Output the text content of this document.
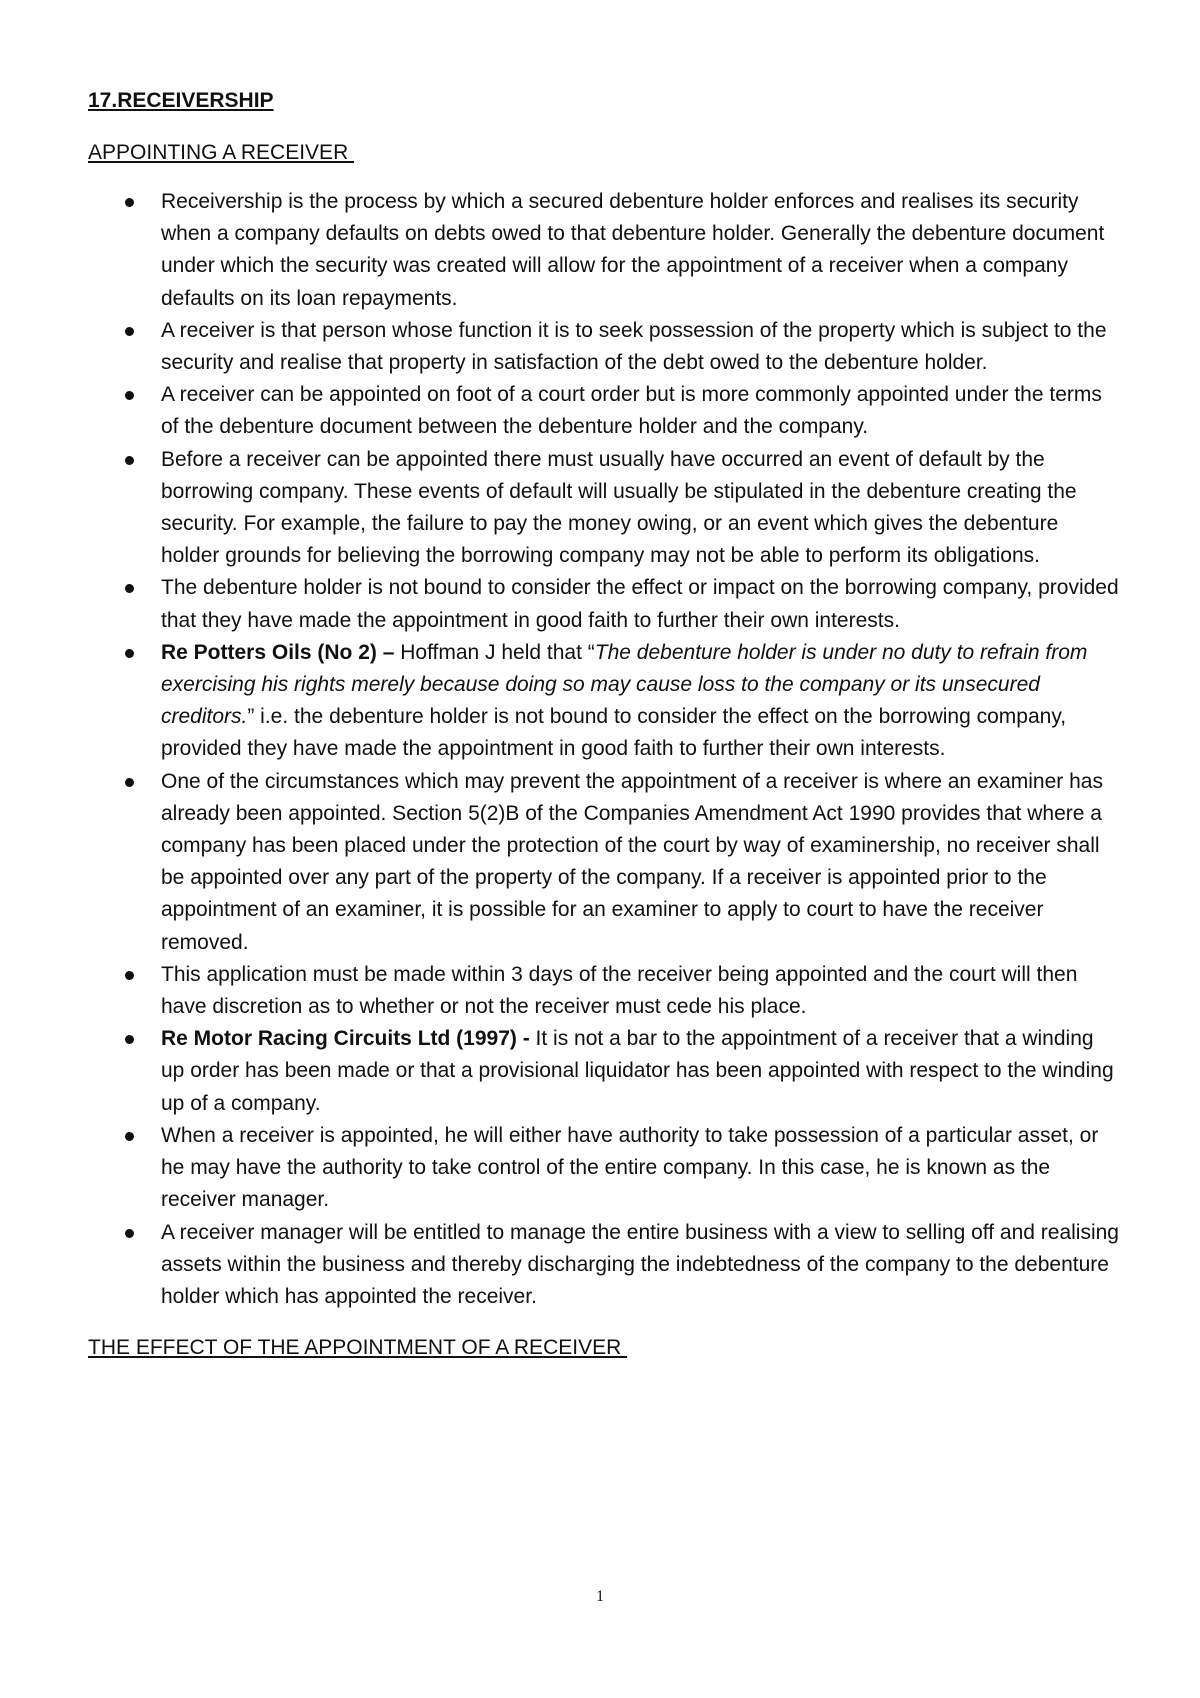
17.RECEIVERSHIP
APPOINTING A RECEIVER
Receivership is the process by which a secured debenture holder enforces and realises its security when a company defaults on debts owed to that debenture holder. Generally the debenture document under which the security was created will allow for the appointment of a receiver when a company defaults on its loan repayments.
A receiver is that person whose function it is to seek possession of the property which is subject to the security and realise that property in satisfaction of the debt owed to the debenture holder.
A receiver can be appointed on foot of a court order but is more commonly appointed under the terms of the debenture document between the debenture holder and the company.
Before a receiver can be appointed there must usually have occurred an event of default by the borrowing company. These events of default will usually be stipulated in the debenture creating the security. For example, the failure to pay the money owing, or an event which gives the debenture holder grounds for believing the borrowing company may not be able to perform its obligations.
The debenture holder is not bound to consider the effect or impact on the borrowing company, provided that they have made the appointment in good faith to further their own interests.
Re Potters Oils (No 2) – Hoffman J held that “The debenture holder is under no duty to refrain from exercising his rights merely because doing so may cause loss to the company or its unsecured creditors.” i.e. the debenture holder is not bound to consider the effect on the borrowing company, provided they have made the appointment in good faith to further their own interests.
One of the circumstances which may prevent the appointment of a receiver is where an examiner has already been appointed. Section 5(2)B of the Companies Amendment Act 1990 provides that where a company has been placed under the protection of the court by way of examinership, no receiver shall be appointed over any part of the property of the company. If a receiver is appointed prior to the appointment of an examiner, it is possible for an examiner to apply to court to have the receiver removed.
This application must be made within 3 days of the receiver being appointed and the court will then have discretion as to whether or not the receiver must cede his place.
Re Motor Racing Circuits Ltd (1997) - It is not a bar to the appointment of a receiver that a winding up order has been made or that a provisional liquidator has been appointed with respect to the winding up of a company.
When a receiver is appointed, he will either have authority to take possession of a particular asset, or he may have the authority to take control of the entire company. In this case, he is known as the receiver manager.
A receiver manager will be entitled to manage the entire business with a view to selling off and realising assets within the business and thereby discharging the indebtedness of the company to the debenture holder which has appointed the receiver.
THE EFFECT OF THE APPOINTMENT OF A RECEIVER
1
